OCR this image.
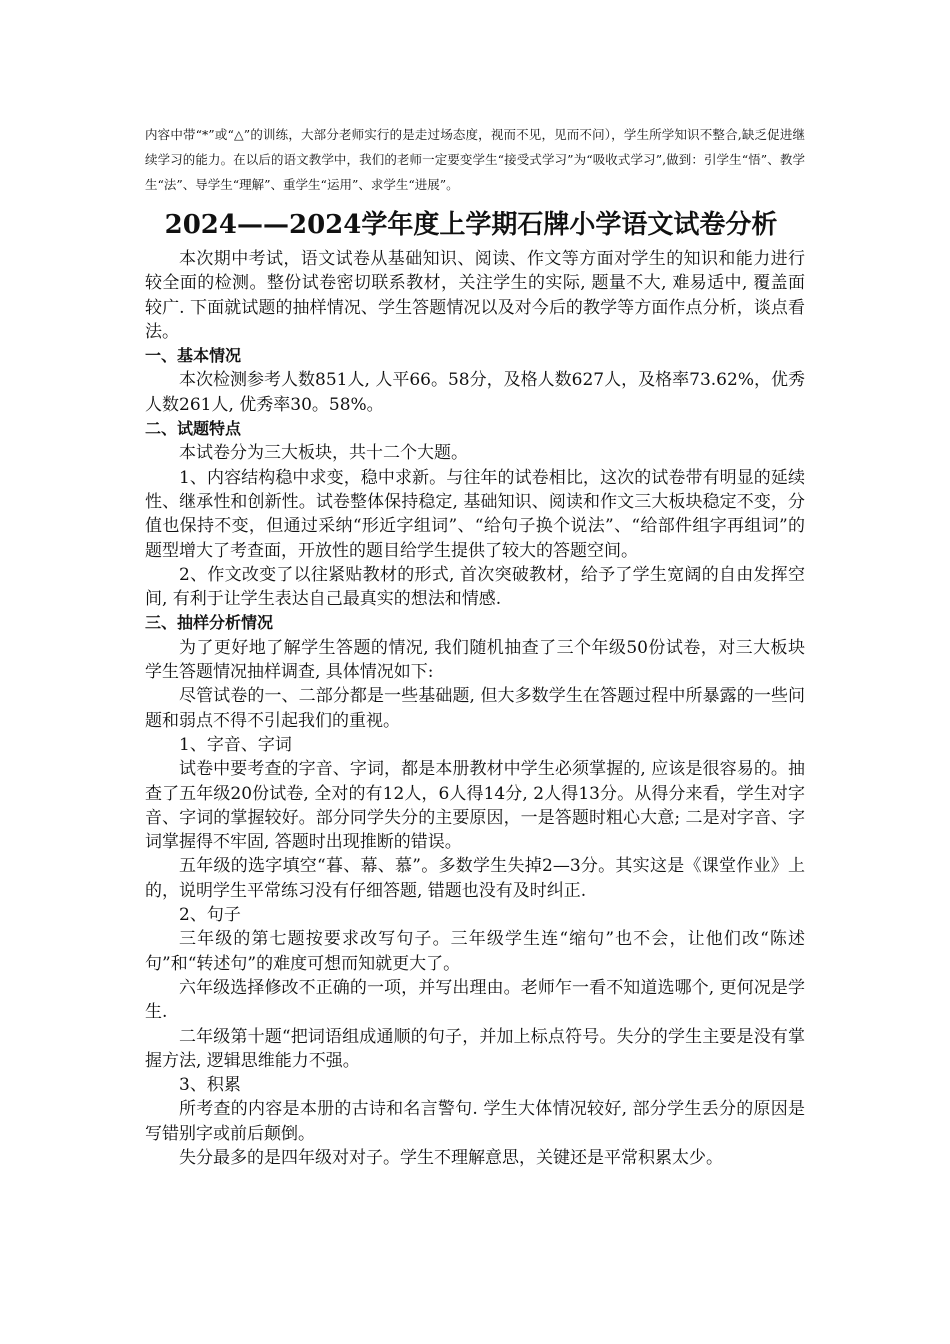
内容中带“*”或“△”的训练，大部分老师实行的是走过场态度，视而不见，见而不问），学生所学知识不整合,缺乏促进继续学习的能力。在以后的语文教学中，我们的老师一定要变学生“接受式学习”为“吸收式学习”,做到：引学生“悟”、教学生“法”、导学生“理解”、重学生“运用”、求学生“进展”。

2024——2024学年度上学期石牌小学语文试卷分析

本次期中考试，语文试卷从基础知识、阅读、作文等方面对学生的知识和能力进行较全面的检测。整份试卷密切联系教材，关注学生的实际, 题量不大, 难易适中, 覆盖面较广. 下面就试题的抽样情况、学生答题情况以及对今后的教学等方面作点分析，谈点看法。

一、基本情况

本次检测参考人数851人, 人平66。58分，及格人数627人，及格率73.62%，优秀人数261人, 优秀率30。58%。

二、试题特点

本试卷分为三大板块，共十二个大题。

1、内容结构稳中求变，稳中求新。与往年的试卷相比，这次的试卷带有明显的延续性、继承性和创新性。试卷整体保持稳定, 基础知识、阅读和作文三大板块稳定不变，分值也保持不变，但通过采纳“形近字组词”、“给句子换个说法”、“给部件组字再组词”的题型增大了考查面，开放性的题目给学生提供了较大的答题空间。

2、作文改变了以往紧贴教材的形式, 首次突破教材，给予了学生宽阔的自由发挥空间, 有利于让学生表达自己最真实的想法和情感.

三、抽样分析情况

为了更好地了解学生答题的情况, 我们随机抽查了三个年级50份试卷，对三大板块学生答题情况抽样调查, 具体情况如下:

尽管试卷的一、二部分都是一些基础题, 但大多数学生在答题过程中所暴露的一些问题和弱点不得不引起我们的重视。

1、字音、字词

试卷中要考查的字音、字词，都是本册教材中学生必须掌握的, 应该是很容易的。抽查了五年级20份试卷, 全对的有12人，6人得14分, 2人得13分。从得分来看，学生对字音、字词的掌握较好。部分同学失分的主要原因，一是答题时粗心大意; 二是对字音、字词掌握得不牢固, 答题时出现推断的错误。

五年级的选字填空“暮、幕、慕”。多数学生失掉2—3分。其实这是《课堂作业》上的，说明学生平常练习没有仔细答题, 错题也没有及时纠正.

2、句子

三年级的第七题按要求改写句子。三年级学生连“缩句”也不会，让他们改“陈述句”和“转述句”的难度可想而知就更大了。

六年级选择修改不正确的一项，并写出理由。老师乍一看不知道选哪个, 更何况是学生.

二年级第十题“把词语组成通顺的句子，并加上标点符号。失分的学生主要是没有掌握方法, 逻辑思维能力不强。

3、积累

所考查的内容是本册的古诗和名言警句. 学生大体情况较好, 部分学生丢分的原因是写错别字或前后颠倒。

失分最多的是四年级对对子。学生不理解意思，关键还是平常积累太少。
